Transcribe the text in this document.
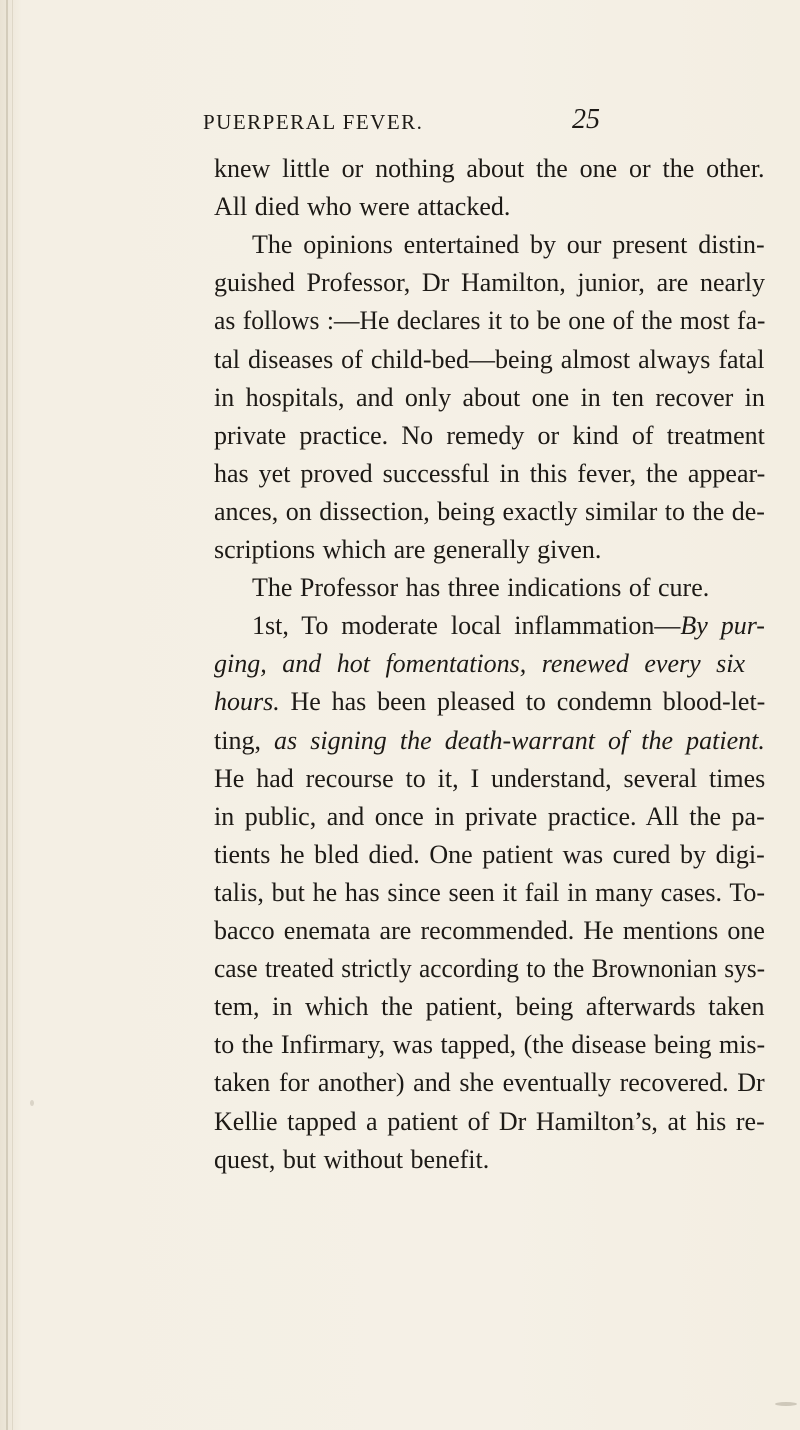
PUERPERAL FEVER.	25
knew little or nothing about the one or the other.
All died who were attacked.
The opinions entertained by our present distin-
guished Professor, Dr Hamilton, junior, are nearly
as follows :—He declares it to be one of the most fa-
tal diseases of child-bed—being almost always fatal
in hospitals, and only about one in ten recover in
private practice. No remedy or kind of treatment
has yet proved successful in this fever, the appear-
ances, on dissection, being exactly similar to the de-
scriptions which are generally given.
The Professor has three indications of cure.
1st, To moderate local inflammation—By pur-
ging, and hot fomentations, renewed every six
hours. He has been pleased to condemn blood-let-
ting, as signing the death-warrant of the patient.
He had recourse to it, I understand, several times
in public, and once in private practice. All the pa-
tients he bled died. One patient was cured by digi-
talis, but he has since seen it fail in many cases. To-
bacco enemata are recommended. He mentions one
case treated strictly according to the Brownonian sys-
tem, in which the patient, being afterwards taken
to the Infirmary, was tapped, (the disease being mis-
taken for another) and she eventually recovered. Dr
Kellie tapped a patient of Dr Hamilton’s, at his re-
quest, but without benefit.
